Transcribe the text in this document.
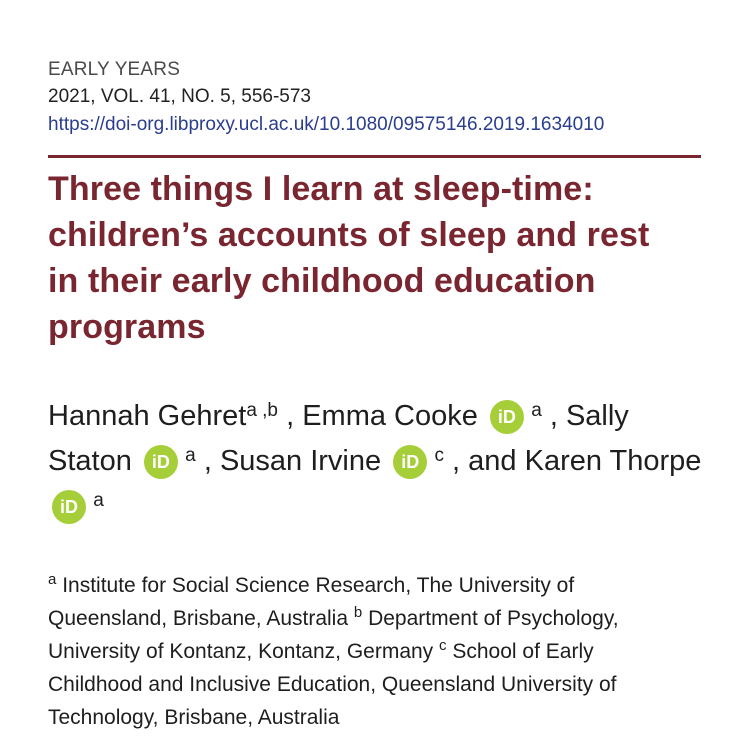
EARLY YEARS
2021, VOL. 41, NO. 5, 556-573
https://doi-org.libproxy.ucl.ac.uk/10.1080/09575146.2019.1634010
Three things I learn at sleep-time: children’s accounts of sleep and rest in their early childhood education programs
Hannah Gehret$^{a ,b}$ , Emma Cooke iD $^a$ , Sally Staton iD $^a$ , Susan Irvine iD $^c$ , and Karen Thorpe iD $^a$
$^a$ Institute for Social Science Research, The University of Queensland, Brisbane, Australia $^b$ Department of Psychology, University of Kontanz, Kontanz, Germany $^c$ School of Early Childhood and Inclusive Education, Queensland University of Technology, Brisbane, Australia
